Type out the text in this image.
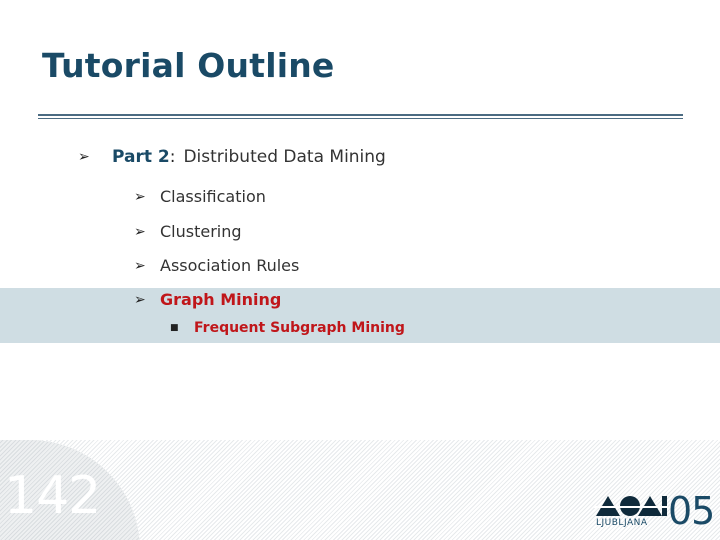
Tutorial Outline
➢	Part 2 : Distributed Data Mining
➢ Classification
➢ Clustering
➢ Association Rules
➢ Graph Mining
■	Frequent Subgraph Mining
142	LJUBLJANA 05
